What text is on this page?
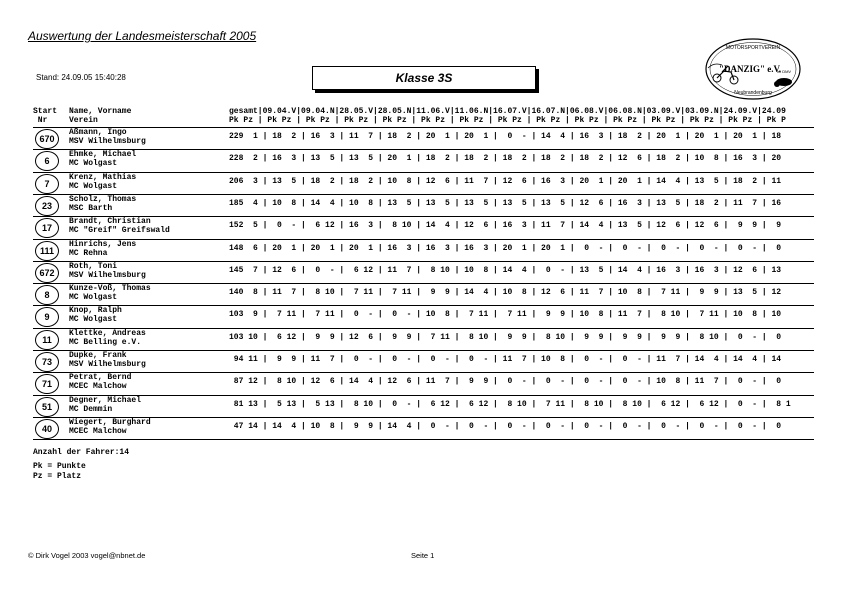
Auswertung der Landesmeisterschaft 2005
Stand: 24.09.05 15:40:28	Klasse 3S
MOTORSPORTVEREIN
"DANZIG" e.V.
im DMV
Neubrandenburg

Start

Nr

Name, Vorname

Verein

gesamt|09.04.V|09.04.N|28.05.V|28.05.N|11.06.V|11.06.N|16.07.V|16.07.N|06.08.V|06.08.N|03.09.V|03.09.N|24.09.V|24.09

Pk Pz | Pk Pz | Pk Pz | Pk Pz | Pk Pz | Pk Pz | Pk Pz | Pk Pz | Pk Pz | Pk Pz | Pk Pz | Pk Pz | Pk Pz | Pk Pz | Pk P

670
Aßmann, Ingo
MSV Wilhelmsburg
229  1 | 18  2 | 16  3 | 11  7 | 18  2 | 20  1 | 20  1 |  0  - | 14  4 | 16  3 | 18  2 | 20  1 | 20  1 | 20  1 | 18
6
Ehmke, Michael
MC Wolgast
228  2 | 16  3 | 13  5 | 13  5 | 20  1 | 18  2 | 18  2 | 18  2 | 18  2 | 18  2 | 12  6 | 18  2 | 10  8 | 16  3 | 20
7
Krenz, Mathias
MC Wolgast
206  3 | 13  5 | 18  2 | 18  2 | 10  8 | 12  6 | 11  7 | 12  6 | 16  3 | 20  1 | 20  1 | 14  4 | 13  5 | 18  2 | 11
23
Scholz, Thomas
MSC Barth
185  4 | 10  8 | 14  4 | 10  8 | 13  5 | 13  5 | 13  5 | 13  5 | 13  5 | 12  6 | 16  3 | 13  5 | 18  2 | 11  7 | 16
17
Brandt, Christian
MC "Greif" Greifswald
152  5 |  0  - |  6 12 | 16  3 |  8 10 | 14  4 | 12  6 | 16  3 | 11  7 | 14  4 | 13  5 | 12  6 | 12  6 |  9  9 |  9
111
Hinrichs, Jens
MC Rehna
148  6 | 20  1 | 20  1 | 20  1 | 16  3 | 16  3 | 16  3 | 20  1 | 20  1 |  0  - |  0  - |  0  - |  0  - |  0  - |  0
672
Roth, Toni
MSV Wilhelmsburg
145  7 | 12  6 |  0  - |  6 12 | 11  7 |  8 10 | 10  8 | 14  4 |  0  - | 13  5 | 14  4 | 16  3 | 16  3 | 12  6 | 13
8
Kunze-Voß, Thomas
MC Wolgast
140  8 | 11  7 |  8 10 |  7 11 |  7 11 |  9  9 | 14  4 | 10  8 | 12  6 | 11  7 | 10  8 |  7 11 |  9  9 | 13  5 | 12
9
Knop, Ralph
MC Wolgast
103  9 |  7 11 |  7 11 |  0  - |  0  - | 10  8 |  7 11 |  7 11 |  9  9 | 10  8 | 11  7 |  8 10 |  7 11 | 10  8 | 10
11
Klettke, Andreas
MC Belling e.V.
103 10 |  6 12 |  9  9 | 12  6 |  9  9 |  7 11 |  8 10 |  9  9 |  8 10 |  9  9 |  9  9 |  9  9 |  8 10 |  0  - |  0
73
Dupke, Frank
MSV Wilhelmsburg
94 11 |  9  9 | 11  7 |  0  - |  0  - |  0  - |  0  - | 11  7 | 10  8 |  0  - |  0  - | 11  7 | 14  4 | 14  4 | 14
71
Petrat, Bernd
MCEC Malchow
87 12 |  8 10 | 12  6 | 14  4 | 12  6 | 11  7 |  9  9 |  0  - |  0  - |  0  - |  0  - | 10  8 | 11  7 |  0  - |  0
51
Degner, Michael
MC Demmin
81 13 |  5 13 |  5 13 |  8 10 |  0  - |  6 12 |  6 12 |  8 10 |  7 11 |  8 10 |  8 10 |  6 12 |  6 12 |  0  - |  8 1
40
Wiegert, Burghard
MCEC Malchow
47 14 | 14  4 | 10  8 |  9  9 | 14  4 |  0  - |  0  - |  0  - |  0  - |  0  - |  0  - |  0  - |  0  - |  0  - |  0
Anzahl der Fahrer:14
Pk = Punkte
Pz = Platz
© Dirk Vogel 2003 vogel@nbnet.de	Seite 1
